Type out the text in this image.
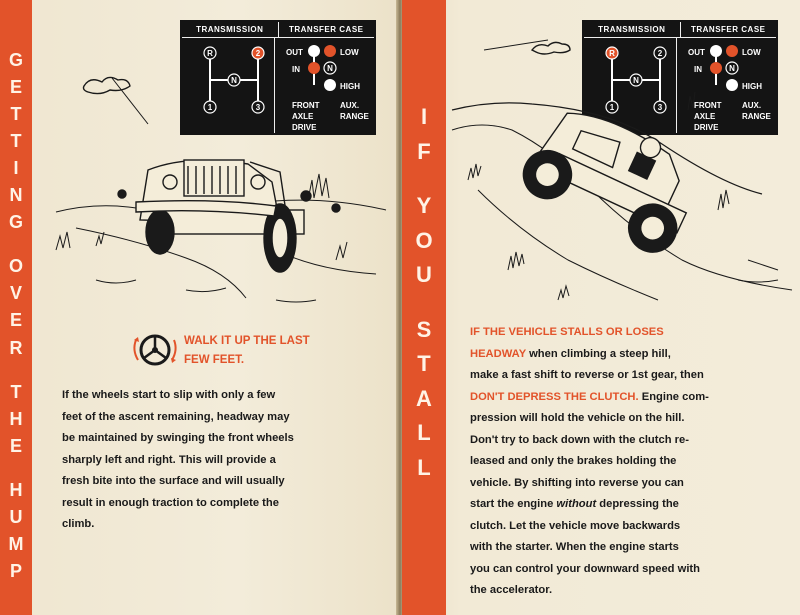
G
E
T
T
I
N
G
O
V
E
R
T
H
E
H
U
M
P
TRANSMISSION	TRANSFER CASE
R	2
N
1	3
N
OUT	LOW
IN
HIGH
FRONT
AXLE
DRIVE
AUX.
RANGE
WALK IT UP THE LAST
FEW FEET.
If the wheels start to slip with only a few
feet of the ascent remaining, headway may
be maintained by swinging the front wheels
sharply left and right. This will provide a
fresh bite into the surface and will usually
result in enough traction to complete the
climb.
I
F
Y
O
U
S
T
A
L
L
TRANSMISSION	TRANSFER CASE
R	2
N
1	3
N
OUT	LOW
IN
HIGH
FRONT
AXLE
DRIVE
AUX.
RANGE
IF THE VEHICLE STALLS OR LOSES
HEADWAY when climbing a steep hill,
make a fast shift to reverse or 1st gear, then
DON'T DEPRESS THE CLUTCH. Engine com-
pression will hold the vehicle on the hill.
Don't try to back down with the clutch re-
leased and only the brakes holding the
vehicle. By shifting into reverse you can
start the engine without depressing the
clutch. Let the vehicle move backwards
with the starter. When the engine starts
you can control your downward speed with
the accelerator.
